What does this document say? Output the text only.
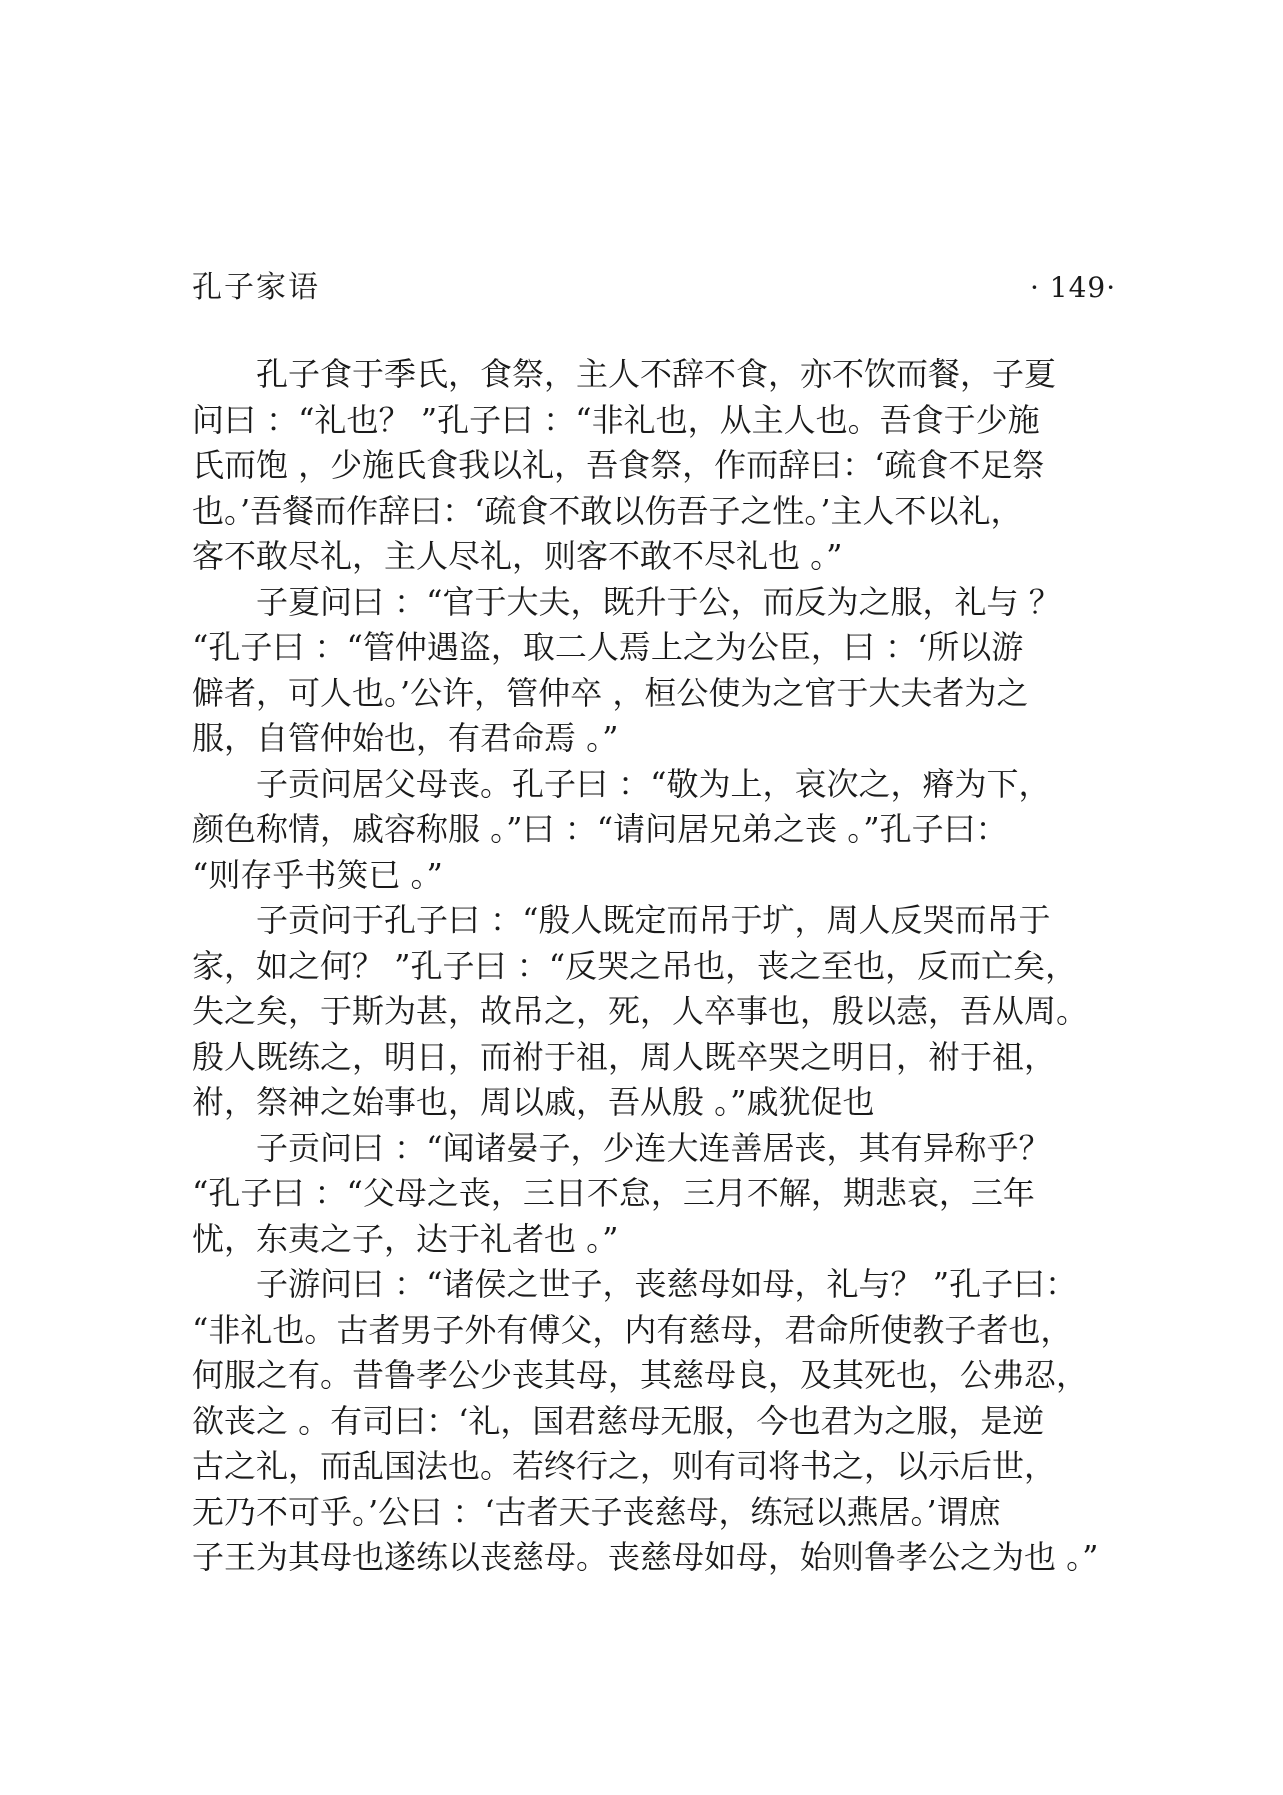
孔子家语	· 149·
孔子食于季氏，食祭，主人不辞不食，亦不饮而餐，子夏
问曰 ：“礼也？ ”孔子曰 ：“非礼也，从主人也。吾食于少施
氏而饱 ，少施氏食我以礼，吾食祭，作而辞曰：‘疏食不足祭
也。’吾餐而作辞曰：‘疏食不敢以伤吾子之性。’主人不以礼，
客不敢尽礼，主人尽礼，则客不敢不尽礼也 。”
子夏问曰 ：“官于大夫，既升于公，而反为之服，礼与 ？
“孔子曰 ：“管仲遇盗，取二人焉上之为公臣，曰 ：‘所以游
僻者，可人也。’公许，管仲卒 ，桓公使为之官于大夫者为之
服，自管仲始也，有君命焉 。”
子贡问居父母丧。孔子曰 ：“敬为上，哀次之，瘠为下，
颜色称情，戚容称服 。”曰 ：“请问居兄弟之丧 。”孔子曰：
“则存乎书筴已 。”
子贡问于孔子曰 ：“殷人既定而吊于圹，周人反哭而吊于
家，如之何？ ”孔子曰 ：“反哭之吊也，丧之至也，反而亡矣，
失之矣，于斯为甚，故吊之，死，人卒事也，殷以悫，吾从周。
殷人既练之，明日，而祔于祖，周人既卒哭之明日，祔于祖，
祔，祭神之始事也，周以戚，吾从殷 。”戚犹促也
子贡问曰 ：“闻诸晏子，少连大连善居丧，其有异称乎？
“孔子曰 ：“父母之丧，三日不怠，三月不解，期悲哀，三年
忧，东夷之子，达于礼者也 。”
子游问曰 ：“诸侯之世子，丧慈母如母，礼与？ ”孔子曰：
“非礼也。古者男子外有傅父，内有慈母，君命所使教子者也，
何服之有。昔鲁孝公少丧其母，其慈母良，及其死也，公弗忍，
欲丧之 。有司曰：‘礼，国君慈母无服，今也君为之服，是逆
古之礼，而乱国法也。若终行之，则有司将书之，以示后世，
无乃不可乎。’公曰 ：‘古者天子丧慈母，练冠以燕居。’谓庶
子王为其母也遂练以丧慈母。丧慈母如母，始则鲁孝公之为也 。”
